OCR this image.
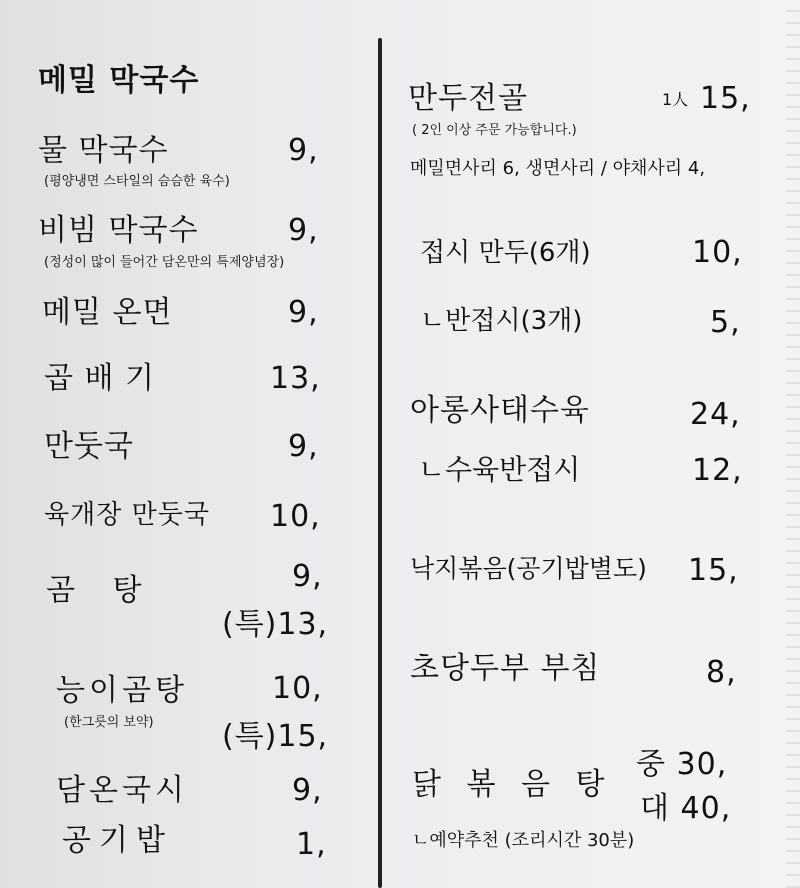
메밀 막국수
물 막국수	9,
(평양냉면 스타일의 슴슴한 육수)
비빔 막국수	9,
(정성이 많이 들어간 담온만의 특제양념장)
메밀 온면	9,
곱 배 기	13,
만둣국	9,
육개장 만둣국 10,
곰 탕	9,
(특)13,
능이곰탕	10,
(한그릇의 보약) (특)15,
담온국시	9,
공기밥	1,
만두전골	1人 15,
( 2인 이상 주문 가능합니다.)
메밀면사리 6, 생면사리 / 야채사리 4,
접시 만두(6개)	10,
ㄴ반접시(3개)	5,
아롱사태수육	24,
ㄴ수육반접시	12,
낙지볶음(공기밥별도) 15,
초당두부 부침	8,
닭 볶 음 탕
중 30,
대 40,
ㄴ예약추천 (조리시간 30분)
